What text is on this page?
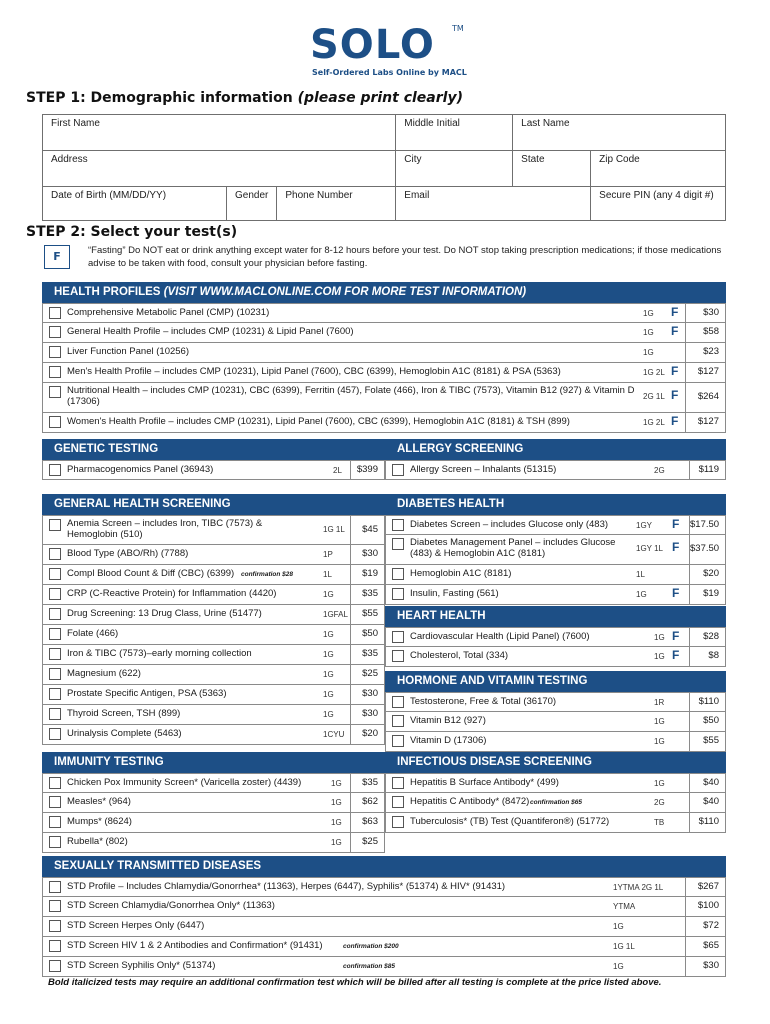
SOLO TM
Self-Ordered Labs Online by MACL
STEP 1: Demographic information (please print clearly)
First Name			Middle Initial	Last Name	
Address			City	State	Zip Code
Date of Birth (MM/DD/YY)	Gender	Phone Number	Email		Secure PIN (any 4 digit #)
STEP 2: Select your test(s)
F	“Fasting” Do NOT eat or drink anything except water for 8-12 hours before your test. Do NOT stop taking prescription medications; if those medications advise to be taken with food, consult your physician before fasting.
HEALTH PROFILES (VISIT WWW.MACLONLINE.COM FOR MORE TEST INFORMATION)
GENETIC TESTING	ALLERGY SCREENING
GENERAL HEALTH SCREENING	DIABETES HEALTH
HEART HEALTH
HORMONE AND VITAMIN TESTING
IMMUNITY TESTING	INFECTIOUS DISEASE SCREENING
SEXUALLY TRANSMITTED DISEASES
Comprehensive Metabolic Panel (CMP) (10231)	1G F	$30
General Health Profile – includes CMP (10231) & Lipid Panel (7600)	1G F	$58
Liver Function Panel (10256)	1G	$23
Men's Health Profile – includes CMP (10231), Lipid Panel (7600), CBC (6399), Hemoglobin A1C (8181) & PSA (5363)	1G 2L F	$127
Nutritional Health – includes CMP (10231), CBC (6399), Ferritin (457), Folate (466), Iron & TIBC (7573), Vitamin B12 (927) & Vitamin D (17306)	2G 1L F	$264
Women's Health Profile – includes CMP (10231), Lipid Panel (7600), CBC (6399), Hemoglobin A1C (8181) & TSH (899)	1G 2L F	$127
Pharmacogenomics Panel (36943)	2L	$399	Allergy Screen – Inhalants (51315)	2G	$119
Anemia Screen – includes Iron, TIBC (7573) & Hemoglobin (510)	1G 1L	$45
Blood Type (ABO/Rh) (7788)	1P	$30
Compl Blood Count & Diff (CBC) (6399)	confirmation $28	1L	$19
CRP (C-Reactive Protein) for Inflammation (4420)	1G	$35
Drug Screening: 13 Drug Class, Urine (51477)	1GFAL	$55
Folate (466)	1G	$50
Iron & TIBC (7573)–early morning collection	1G	$35
Magnesium (622)	1G	$25
Prostate Specific Antigen, PSA (5363)	1G	$30
Thyroid Screen, TSH (899)	1G	$30
Urinalysis Complete (5463)	1CYU	$20
Diabetes Screen – includes Glucose only (483)	1GY F $17.50
Diabetes Management Panel – includes Glucose (483) & Hemoglobin A1C (8181)	1GY 1L F $37.50
Hemoglobin A1C (8181)	1L	$20
Insulin, Fasting (561)	1G F	$19
Cardiovascular Health (Lipid Panel) (7600)	1G F	$28
Cholesterol, Total (334)	1G F	$8
Testosterone, Free & Total (36170)	1R	$110
Vitamin B12 (927)	1G	$50
Vitamin D (17306)	1G	$55
Chicken Pox Immunity Screen* (Varicella zoster) (4439)	1G	$35
Measles* (964)	1G	$62
Mumps* (8624)	1G	$63
Rubella* (802)	1G	$25
Hepatitis B Surface Antibody* (499)	1G	$40
Hepatitis C Antibody* (8472) confirmation $65	2G	$40
Tuberculosis* (TB) Test (Quantiferon®) (51772)	TB	$110
STD Profile – Includes Chlamydia/Gonorrhea* (11363), Herpes (6447), Syphilis* (51374) & HIV* (91431)	1YTMA 2G 1L	$267
STD Screen Chlamydia/Gonorrhea Only* (11363)	YTMA	$100
STD Screen Herpes Only (6447)	1G	$72
STD Screen HIV 1 & 2 Antibodies and Confirmation* (91431)	confirmation $200	1G 1L	$65
STD Screen Syphilis Only* (51374)	confirmation $85	1G	$30
Bold italicized tests may require an additional confirmation test which will be billed after all testing is complete at the price listed above.
